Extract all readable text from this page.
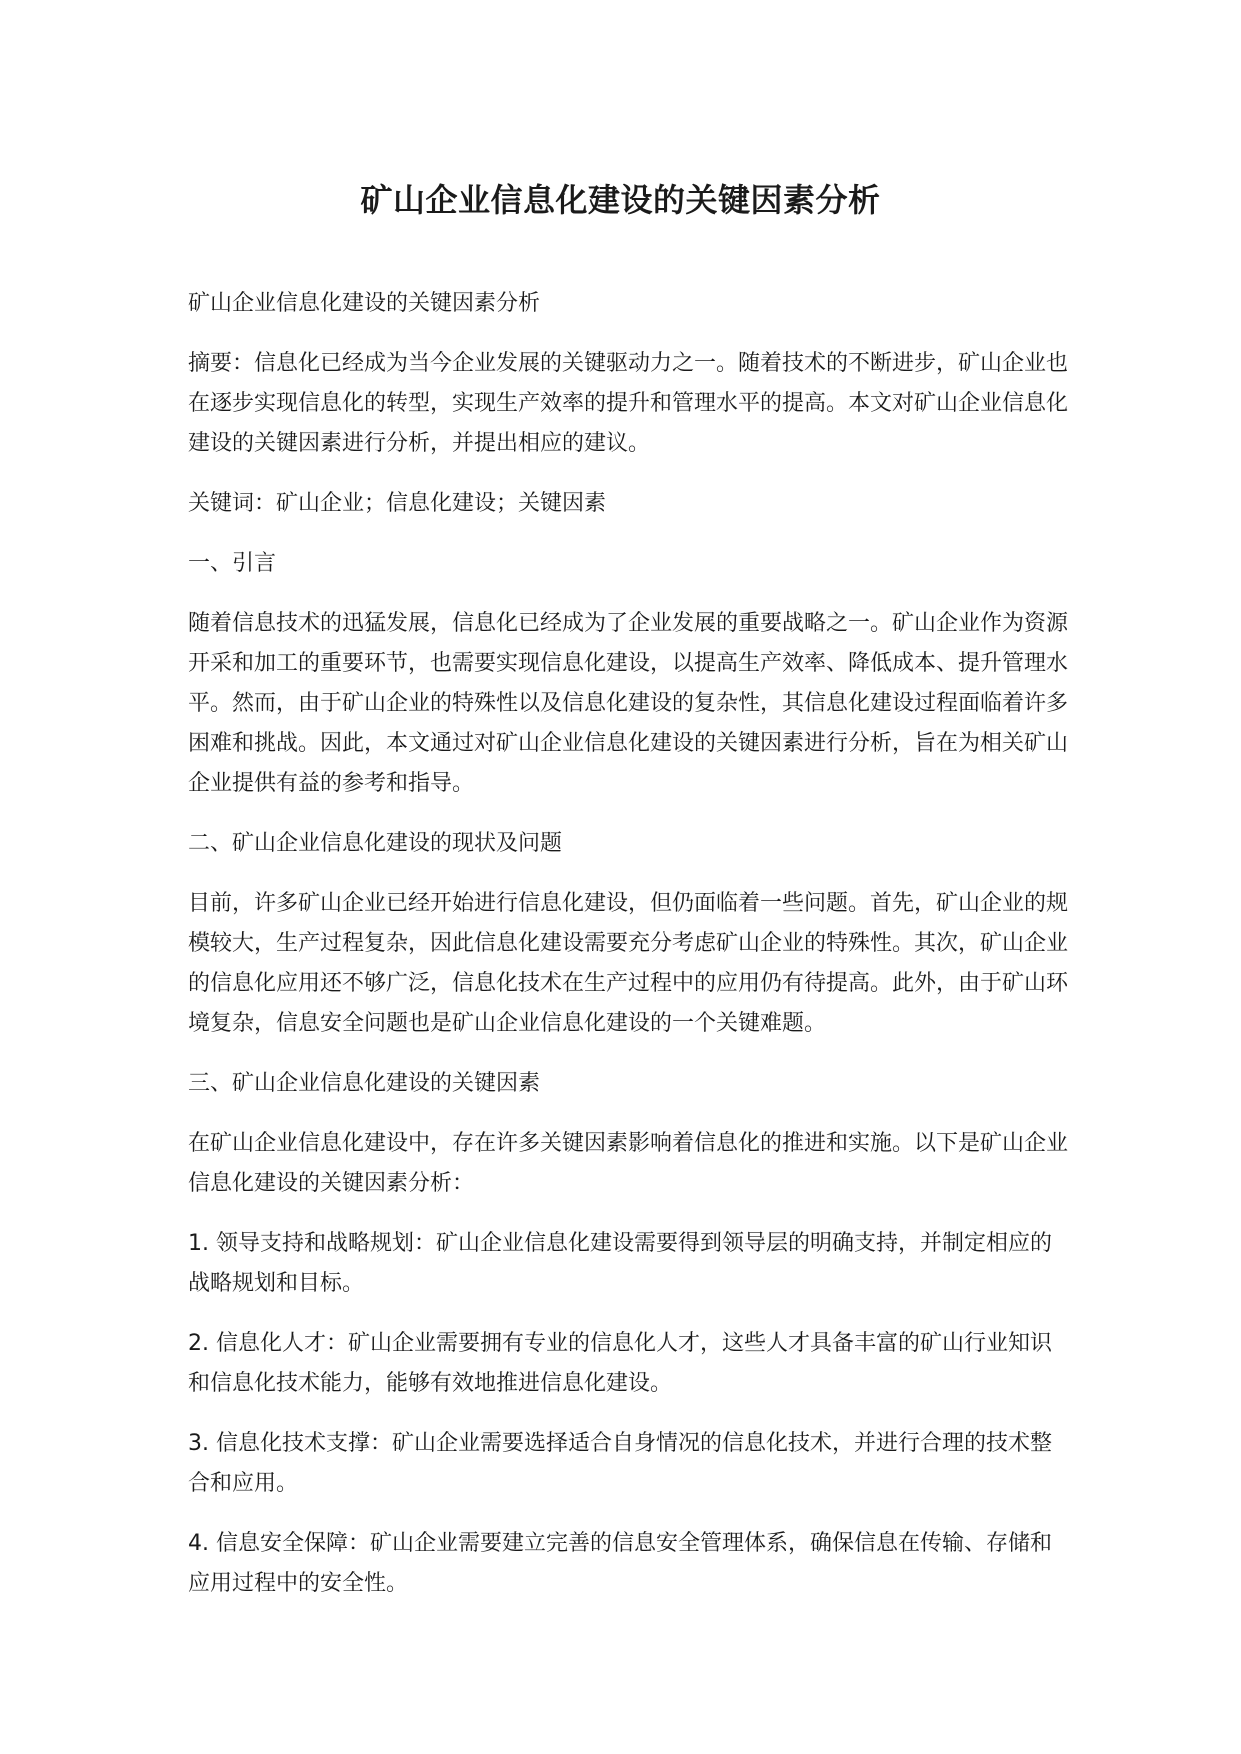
矿山企业信息化建设的关键因素分析

矿山企业信息化建设的关键因素分析

摘要：信息化已经成为当今企业发展的关键驱动力之一。随着技术的不断进步，矿山企业也在逐步实现信息化的转型，实现生产效率的提升和管理水平的提高。本文对矿山企业信息化建设的关键因素进行分析，并提出相应的建议。

关键词：矿山企业；信息化建设；关键因素

一、引言

随着信息技术的迅猛发展，信息化已经成为了企业发展的重要战略之一。矿山企业作为资源开采和加工的重要环节，也需要实现信息化建设，以提高生产效率、降低成本、提升管理水平。然而，由于矿山企业的特殊性以及信息化建设的复杂性，其信息化建设过程面临着许多困难和挑战。因此，本文通过对矿山企业信息化建设的关键因素进行分析，旨在为相关矿山企业提供有益的参考和指导。

二、矿山企业信息化建设的现状及问题

目前，许多矿山企业已经开始进行信息化建设，但仍面临着一些问题。首先，矿山企业的规模较大，生产过程复杂，因此信息化建设需要充分考虑矿山企业的特殊性。其次，矿山企业的信息化应用还不够广泛，信息化技术在生产过程中的应用仍有待提高。此外，由于矿山环境复杂，信息安全问题也是矿山企业信息化建设的一个关键难题。

三、矿山企业信息化建设的关键因素

在矿山企业信息化建设中，存在许多关键因素影响着信息化的推进和实施。以下是矿山企业信息化建设的关键因素分析：

1. 领导支持和战略规划：矿山企业信息化建设需要得到领导层的明确支持，并制定相应的战略规划和目标。

2. 信息化人才：矿山企业需要拥有专业的信息化人才，这些人才具备丰富的矿山行业知识和信息化技术能力，能够有效地推进信息化建设。

3. 信息化技术支撑：矿山企业需要选择适合自身情况的信息化技术，并进行合理的技术整合和应用。

4. 信息安全保障：矿山企业需要建立完善的信息安全管理体系，确保信息在传输、存储和应用过程中的安全性。
